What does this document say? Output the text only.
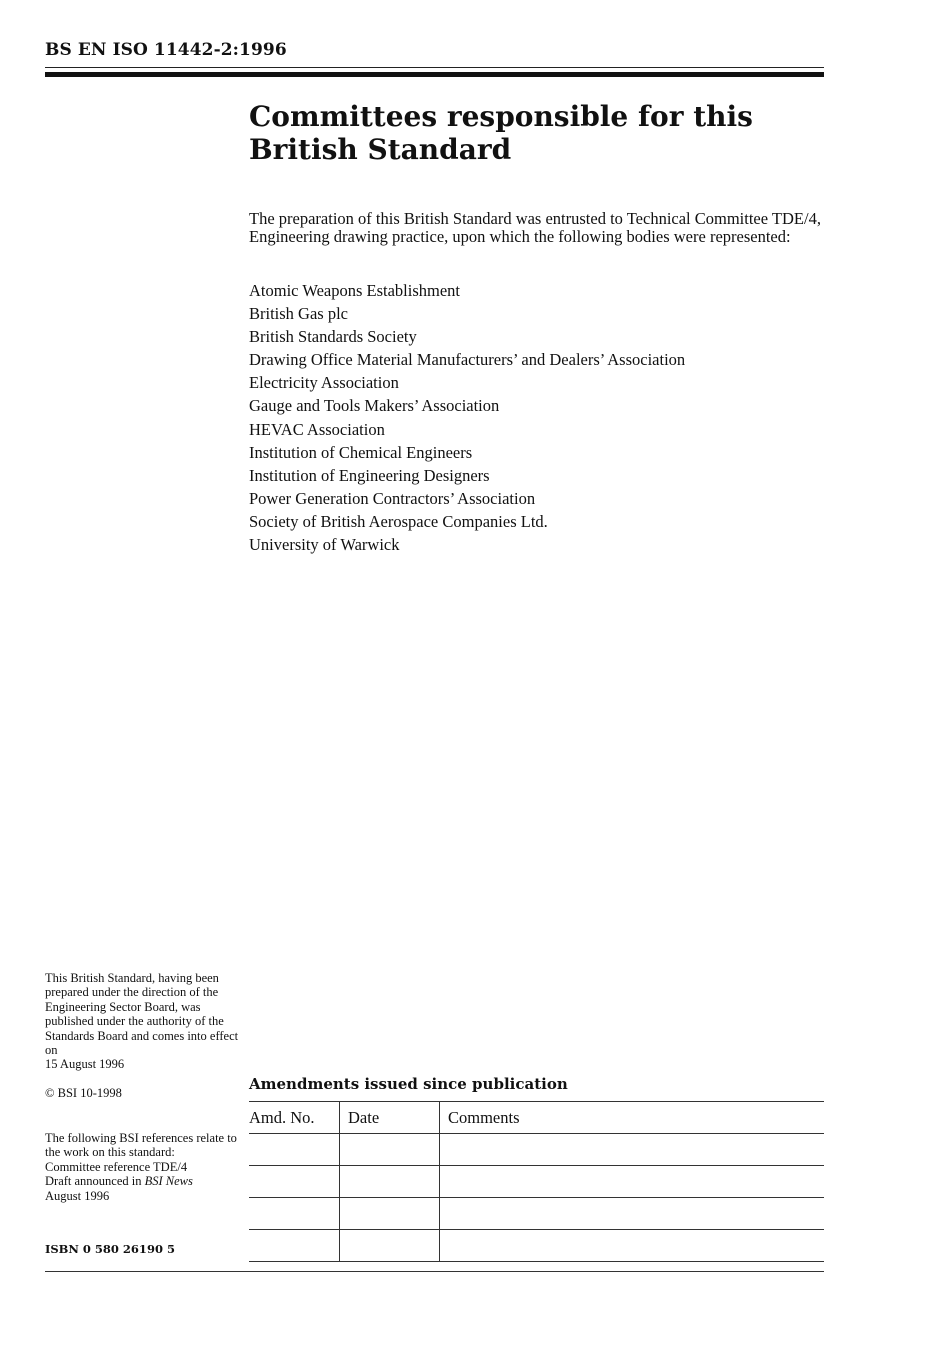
BS EN ISO 11442-2:1996
Committees responsible for this British Standard

The preparation of this British Standard was entrusted to Technical Committee TDE/4, Engineering drawing practice, upon which the following bodies were represented:

Atomic Weapons Establishment
British Gas plc
British Standards Society
Drawing Office Material Manufacturers’ and Dealers’ Association
Electricity Association
Gauge and Tools Makers’ Association
HEVAC Association
Institution of Chemical Engineers
Institution of Engineering Designers
Power Generation Contractors’ Association
Society of British Aerospace Companies Ltd.
University of Warwick
This British Standard, having been prepared under the direction of the Engineering Sector Board, was published under the authority of the Standards Board and comes into effect on
15 August 1996
© BSI 10-1998
The following BSI references relate to the work on this standard:
Committee reference TDE/4
Draft announced in BSI News
August 1996
ISBN 0 580 26190 5
Amendments issued since publication
Amd. No.	Date	Comments
